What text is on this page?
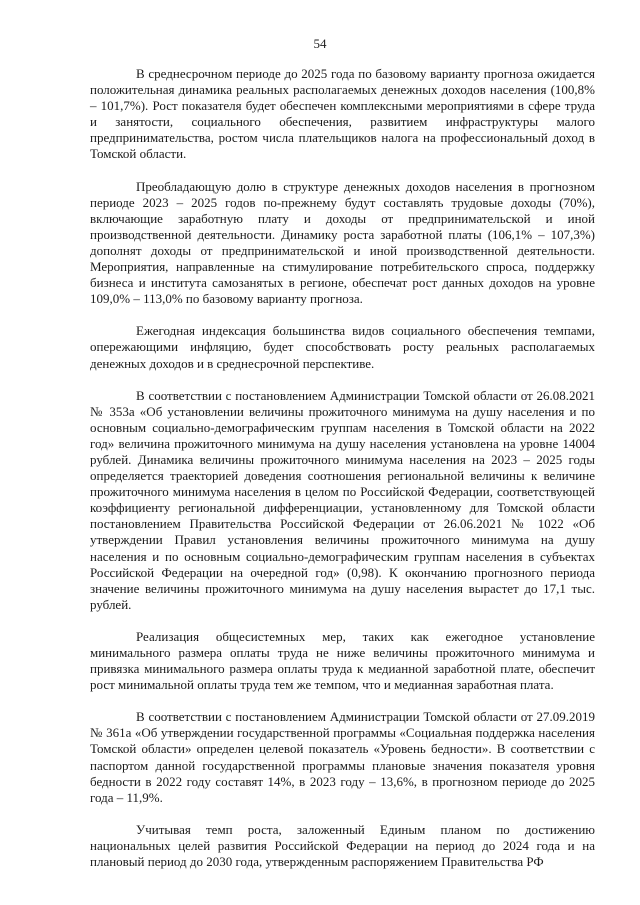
54

В среднесрочном периоде до 2025 года по базовому варианту прогноза ожидается положительная динамика реальных располагаемых денежных доходов населения (100,8% – 101,7%). Рост показателя будет обеспечен комплексными мероприятиями в сфере труда и занятости, социального обеспечения, развитием инфраструктуры малого предпринимательства, ростом числа плательщиков налога на профессиональный доход в Томской области.

Преобладающую долю в структуре денежных доходов населения в прогнозном периоде 2023 – 2025 годов по-прежнему будут составлять трудовые доходы (70%), включающие заработную плату и доходы от предпринимательской и иной производственной деятельности. Динамику роста заработной платы (106,1% – 107,3%) дополнят доходы от предпринимательской и иной производственной деятельности. Мероприятия, направленные на стимулирование потребительского спроса, поддержку бизнеса и института самозанятых в регионе, обеспечат рост данных доходов на уровне 109,0% – 113,0% по базовому варианту прогноза.

Ежегодная индексация большинства видов социального обеспечения темпами, опережающими инфляцию, будет способствовать росту реальных располагаемых денежных доходов и в среднесрочной перспективе.

В соответствии с постановлением Администрации Томской области от 26.08.2021 № 353а «Об установлении величины прожиточного минимума на душу населения и по основным социально-демографическим группам населения в Томской области на 2022 год» величина прожиточного минимума на душу населения установлена на уровне 14004 рублей. Динамика величины прожиточного минимума населения на 2023 – 2025 годы определяется траекторией доведения соотношения региональной величины к величине прожиточного минимума населения в целом по Российской Федерации, соответствующей коэффициенту региональной дифференциации, установленному для Томской области постановлением Правительства Российской Федерации от 26.06.2021 № 1022 «Об утверждении Правил установления величины прожиточного минимума на душу населения и по основным социально-демографическим группам населения в субъектах Российской Федерации на очередной год» (0,98). К окончанию прогнозного периода значение величины прожиточного минимума на душу населения вырастет до 17,1 тыс. рублей.

Реализация общесистемных мер, таких как ежегодное установление минимального размера оплаты труда не ниже величины прожиточного минимума и привязка минимального размера оплаты труда к медианной заработной плате, обеспечит рост минимальной оплаты труда тем же темпом, что и медианная заработная плата.

В соответствии с постановлением Администрации Томской области от 27.09.2019 № 361а «Об утверждении государственной программы «Социальная поддержка населения Томской области» определен целевой показатель «Уровень бедности». В соответствии с паспортом данной государственной программы плановые значения показателя уровня бедности в 2022 году составят 14%, в 2023 году – 13,6%, в прогнозном периоде до 2025 года – 11,9%.

Учитывая темп роста, заложенный Единым планом по достижению национальных целей развития Российской Федерации на период до 2024 года и на плановый период до 2030 года, утвержденным распоряжением Правительства РФ
